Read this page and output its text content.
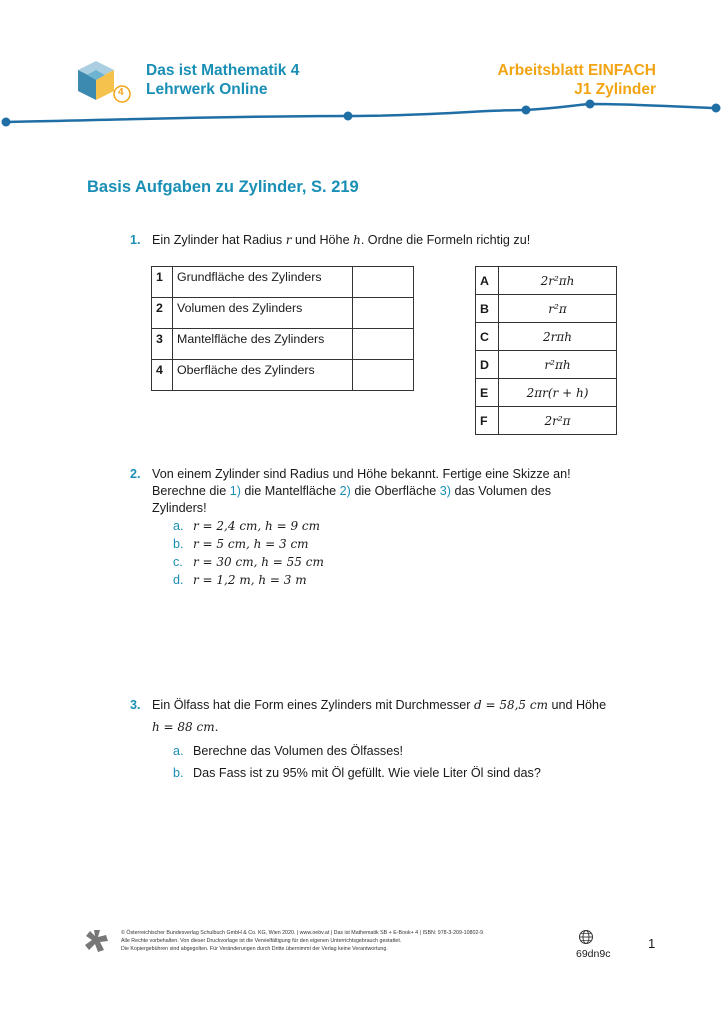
4
Das ist Mathematik 4
Lehrwerk Online
Arbeitsblatt EINFACH
J1 Zylinder
Basis Aufgaben zu Zylinder, S. 219
1. Ein Zylinder hat Radius r und Höhe h. Ordne die Formeln richtig zu!
1	Grundfläche des Zylinders	
2	Volumen des Zylinders	
3	Mantelfläche des Zylinders	
4	Oberfläche des Zylinders	
A	2r²πh
B	r²π
C	2rπh
D	r²πh
E	2πr(r + h)
F	2r²π
2. Von einem Zylinder sind Radius und Höhe bekannt. Fertige eine Skizze an!
Berechne die 1) die Mantelfläche 2) die Oberfläche 3) das Volumen des
Zylinders!
a. r = 2,4 cm, h = 9 cm
b. r = 5 cm, h = 3 cm
c. r = 30 cm, h = 55 cm
d. r = 1,2 m, h = 3 m
3. Ein Ölfass hat die Form eines Zylinders mit Durchmesser d = 58,5 cm und Höhe
h = 88 cm.
a. Berechne das Volumen des Ölfasses!
b. Das Fass ist zu 95% mit Öl gefüllt. Wie viele Liter Öl sind das?
© Österreichischer Bundesverlag Schulbuch GmbH & Co. KG, Wien 2020. | www.oebv.at | Das ist Mathematik SB + E-Book+ 4 | ISBN: 978-3-209-10802-9
Alle Rechte vorbehalten. Von dieser Druckvorlage ist die Vervielfältigung für den eigenen Unterrichtsgebrauch gestattet.
Die Kopiergebühren sind abgegolten. Für Veränderungen durch Dritte übernimmt der Verlag keine Verantwortung.	69dn9c
1
